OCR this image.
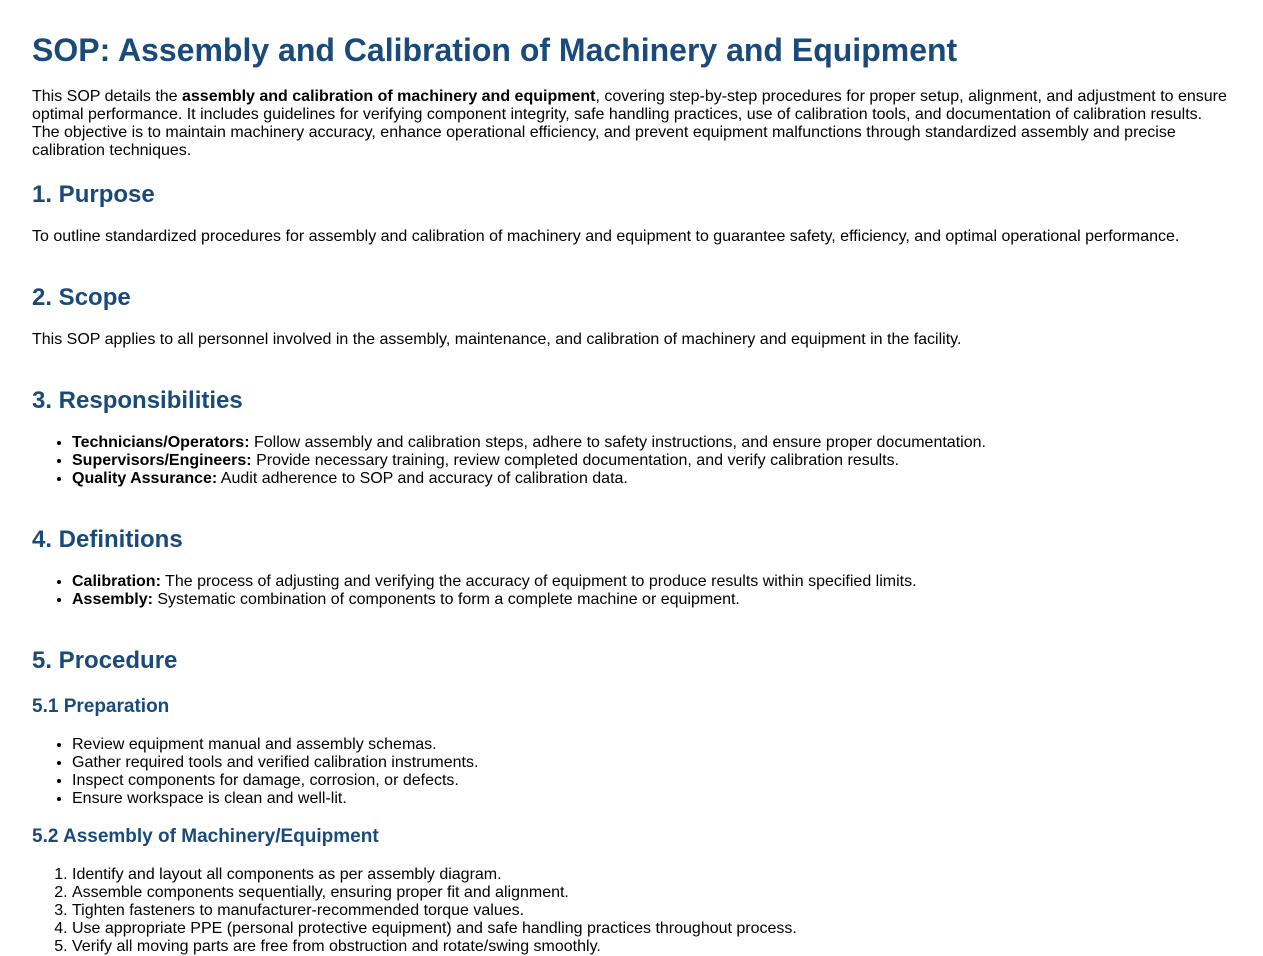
SOP: Assembly and Calibration of Machinery and Equipment

This SOP details the assembly and calibration of machinery and equipment, covering step-by-step procedures for proper setup, alignment, and adjustment to ensure optimal performance. It includes guidelines for verifying component integrity, safe handling practices, use of calibration tools, and documentation of calibration results. The objective is to maintain machinery accuracy, enhance operational efficiency, and prevent equipment malfunctions through standardized assembly and precise calibration techniques.

1. Purpose

To outline standardized procedures for assembly and calibration of machinery and equipment to guarantee safety, efficiency, and optimal operational performance.

2. Scope

This SOP applies to all personnel involved in the assembly, maintenance, and calibration of machinery and equipment in the facility.

3. Responsibilities
• Technicians/Operators: Follow assembly and calibration steps, adhere to safety instructions, and ensure proper documentation.
• Supervisors/Engineers: Provide necessary training, review completed documentation, and verify calibration results.
• Quality Assurance: Audit adherence to SOP and accuracy of calibration data.
4. Definitions
• Calibration: The process of adjusting and verifying the accuracy of equipment to produce results within specified limits.
• Assembly: Systematic combination of components to form a complete machine or equipment.
5. Procedure
5.1 Preparation
• Review equipment manual and assembly schemas.
• Gather required tools and verified calibration instruments.
• Inspect components for damage, corrosion, or defects.
• Ensure workspace is clean and well-lit.
5.2 Assembly of Machinery/Equipment
1. Identify and layout all components as per assembly diagram.
2. Assemble components sequentially, ensuring proper fit and alignment.
3. Tighten fasteners to manufacturer-recommended torque values.
4. Use appropriate PPE (personal protective equipment) and safe handling practices throughout process.
5. Verify all moving parts are free from obstruction and rotate/swing smoothly.
